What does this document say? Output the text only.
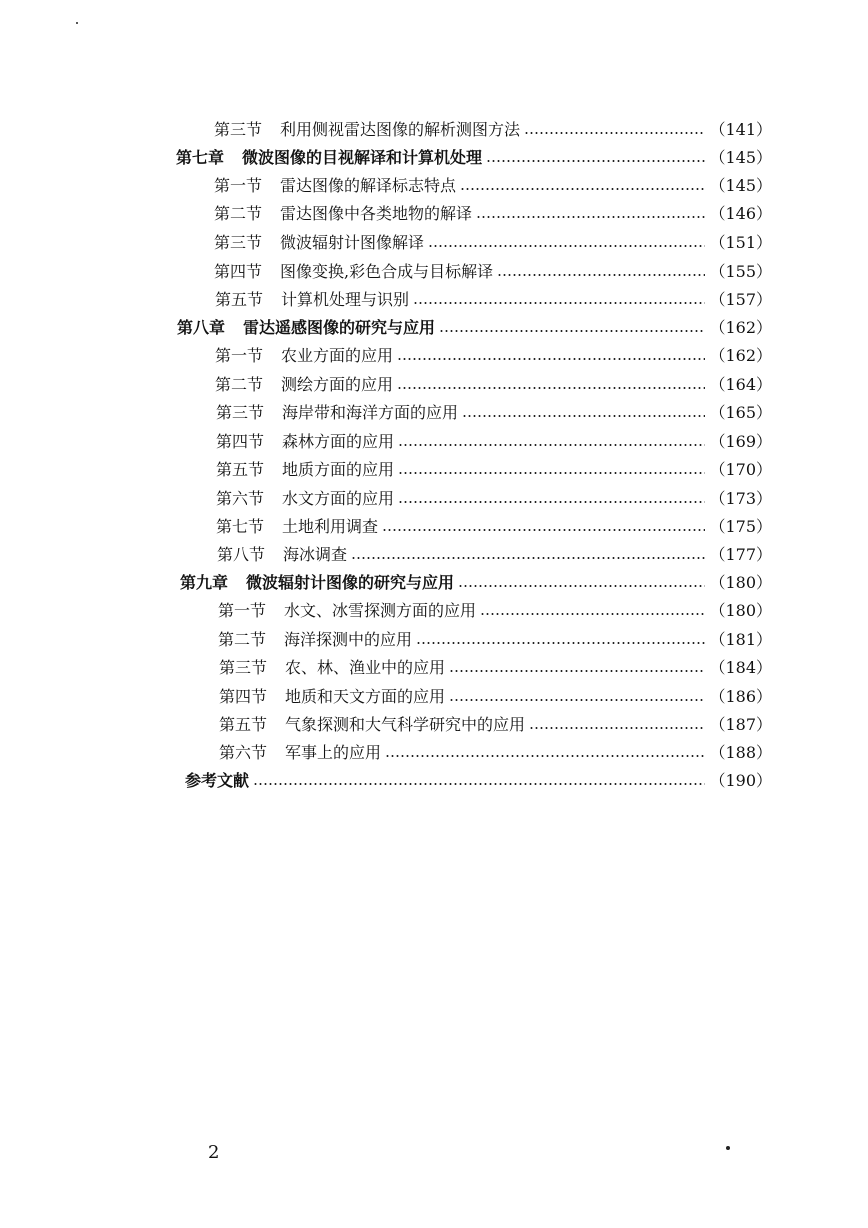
第三节 利用侧视雷达图像的解析测图方法	（141）
第七章 微波图像的目视解译和计算机处理	（145）
第一节 雷达图像的解译标志特点	（145）
第二节 雷达图像中各类地物的解译	（146）
第三节 微波辐射计图像解译	（151）
第四节 图像变换,彩色合成与目标解译	（155）
第五节 计算机处理与识别	（157）
第八章 雷达遥感图像的研究与应用	（162）
第一节 农业方面的应用	（162）
第二节 测绘方面的应用	（164）
第三节 海岸带和海洋方面的应用	（165）
第四节 森林方面的应用	（169）
第五节 地质方面的应用	（170）
第六节 水文方面的应用	（173）
第七节 土地利用调查	（175）
第八节 海冰调查	（177）
第九章 微波辐射计图像的研究与应用	（180）
第一节 水文、冰雪探测方面的应用	（180）
第二节 海洋探测中的应用	（181）
第三节 农、林、渔业中的应用	（184）
第四节 地质和天文方面的应用	（186）
第五节 气象探测和大气科学研究中的应用	（187）
第六节 军事上的应用	（188）
参考文献	（190）
2
